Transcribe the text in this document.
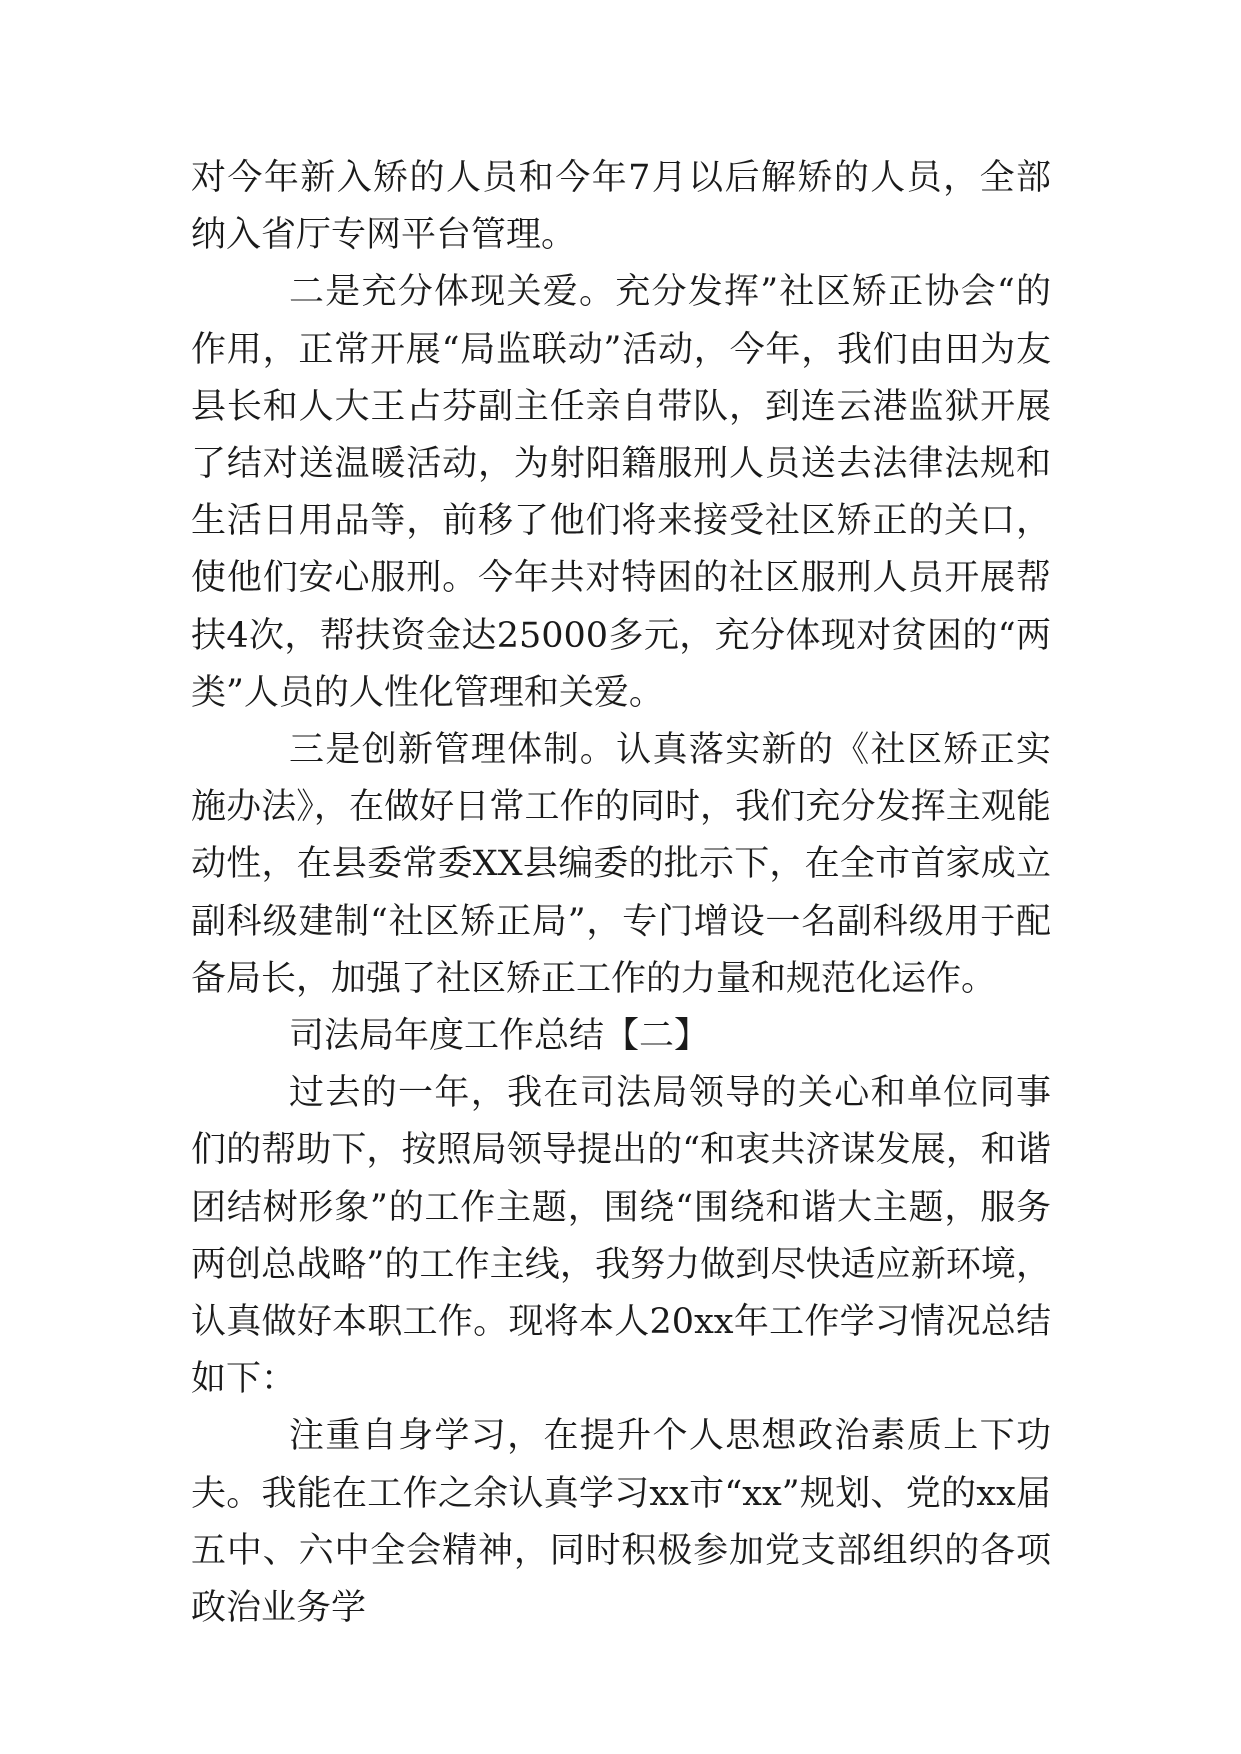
对今年新入矫的人员和今年7月以后解矫的人员，全部纳入省厅专网平台管理。

二是充分体现关爱。充分发挥”社区矫正协会“的作用，正常开展“局监联动”活动，今年，我们由田为友县长和人大王占芬副主任亲自带队，到连云港监狱开展了结对送温暖活动，为射阳籍服刑人员送去法律法规和生活日用品等，前移了他们将来接受社区矫正的关口，使他们安心服刑。今年共对特困的社区服刑人员开展帮扶4次，帮扶资金达25000多元，充分体现对贫困的“两类”人员的人性化管理和关爱。

三是创新管理体制。认真落实新的《社区矫正实施办法》，在做好日常工作的同时，我们充分发挥主观能动性，在县委常委XX县编委的批示下，在全市首家成立副科级建制“社区矫正局”，专门增设一名副科级用于配备局长，加强了社区矫正工作的力量和规范化运作。

司法局年度工作总结【二】

过去的一年，我在司法局领导的关心和单位同事们的帮助下，按照局领导提出的“和衷共济谋发展，和谐团结树形象”的工作主题，围绕“围绕和谐大主题，服务两创总战略”的工作主线，我努力做到尽快适应新环境，认真做好本职工作。现将本人20xx年工作学习情况总结如下：

注重自身学习，在提升个人思想政治素质上下功夫。我能在工作之余认真学习xx市“xx”规划、党的xx届五中、六中全会精神，同时积极参加党支部组织的各项政治业务学
